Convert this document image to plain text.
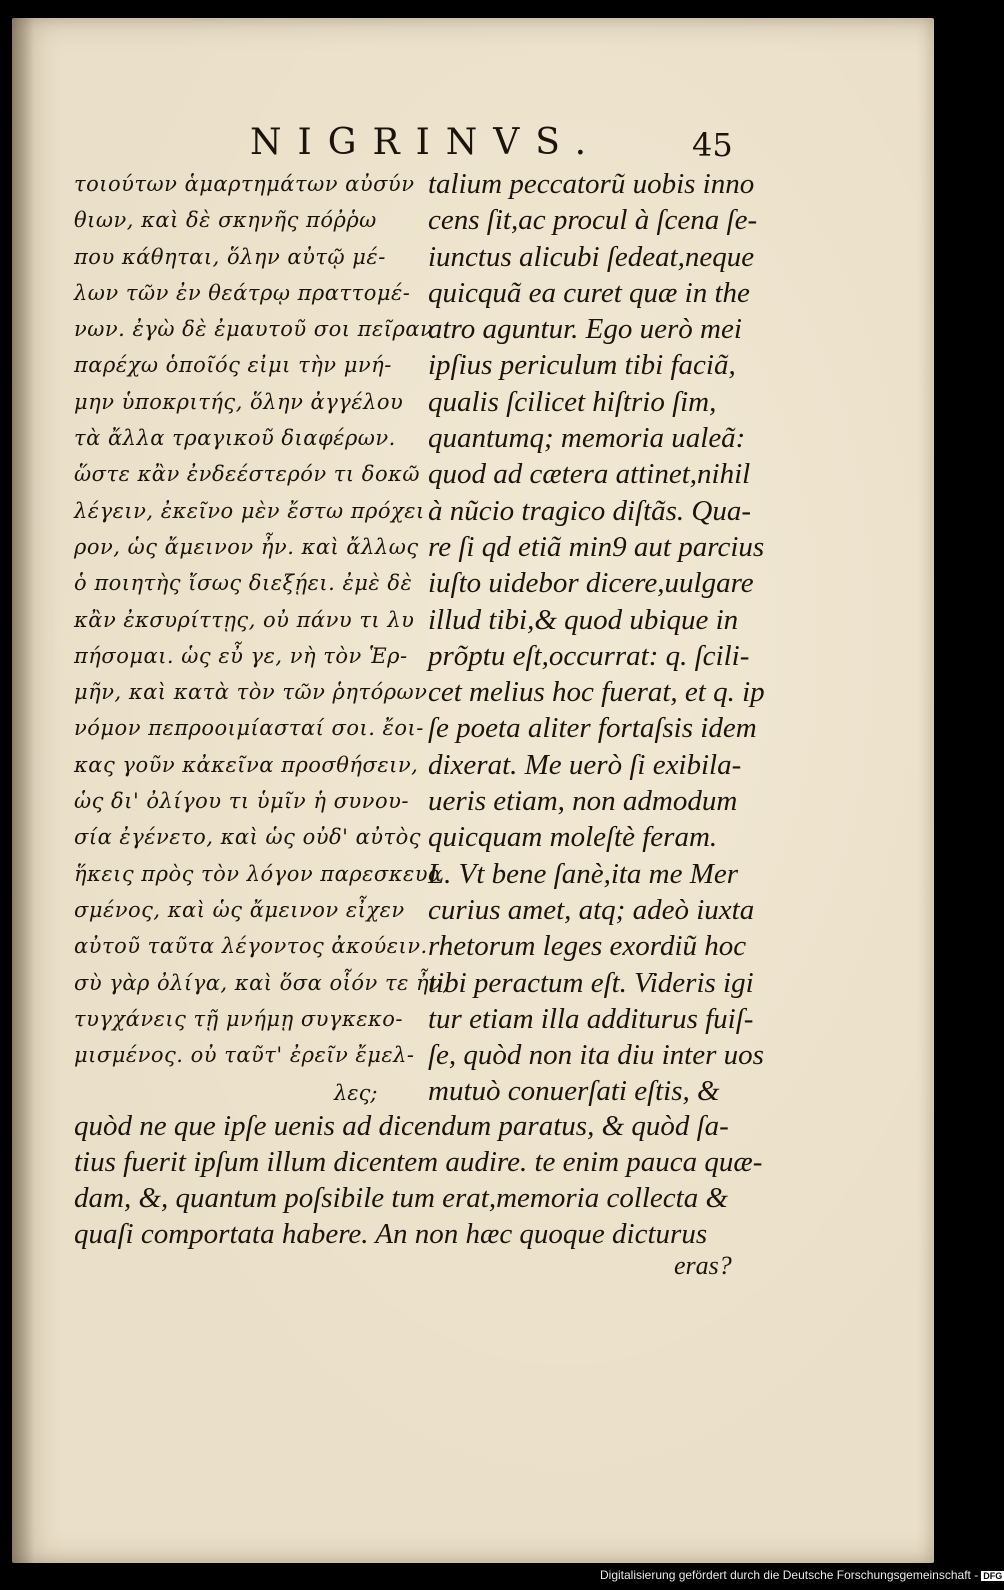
NIGRINVS.	45
τοιούτων ἁμαρτημάτων αὐσύν
θιων, καὶ δὲ σκηνῆς πόῤῥω
που κάθηται, ὅλην αὐτῷ μέ-
λων τῶν ἐν θεάτρῳ πραττομέ-
νων. ἐγὼ δὲ ἐμαυτοῦ σοι πεῖραν
παρέχω ὁποῖός εἰμι τὴν μνή-
μην ὑποκριτής, ὅλην ἀγγέλου
τὰ ἄλλα τραγικοῦ διαφέρων.
ὥστε κἂν ἐνδεέστερόν τι δοκῶ
λέγειν, ἐκεῖνο μὲν ἔστω πρόχει
ρον, ὡς ἄμεινον ἦν. καὶ ἄλλως
ὁ ποιητὴς ἴσως διεξῄει. ἐμὲ δὲ
κἂν ἐκσυρίττῃς, οὐ πάνυ τι λυ
πήσομαι. ὡς εὖ γε, νὴ τὸν Ἑρ-
μῆν, καὶ κατὰ τὸν τῶν ῥητόρων
νόμον πεπροοιμίασταί σοι. ἔοι-
κας γοῦν κἀκεῖνα προσθήσειν,
ὡς δι' ὀλίγου τι ὑμῖν ἡ συνου-
σία ἐγένετο, καὶ ὡς οὐδ' αὐτὸς
ἥκεις πρὸς τὸν λόγον παρεσκευα
σμένος, καὶ ὡς ἄμεινον εἶχεν
αὐτοῦ ταῦτα λέγοντος ἀκούειν.
σὺ γὰρ ὀλίγα, καὶ ὅσα οἷόν τε ἦν,
τυγχάνεις τῇ μνήμῃ συγκεκο-
μισμένος. οὐ ταῦτ' ἐρεῖν ἔμελ-
talium peccatorũ uobis inno
cens ſit,ac procul à ſcena ſe-
iunctus alicubi ſedeat,neque
quicquã ea curet quæ in the
atro aguntur. Ego uerò mei
ipſius periculum tibi faciã,
qualis ſcilicet hiſtrio ſim,
quantumq; memoria ualeã:
quod ad cætera attinet,nihil
à nũcio tragico diſtãs. Qua-
re ſi qd etiã min9 aut parcius
iuſto uidebor dicere,uulgare
illud tibi,& quod ubique in
prõptu eſt,occurrat: q. ſcili-
cet melius hoc fuerat, et q. ip
ſe poeta aliter fortaſsis idem
dixerat. Me uerò ſi exibila-
ueris etiam, non admodum
quicquam moleſtè feram.
L. Vt bene ſanè,ita me Mer
curius amet, atq; adeò iuxta
rhetorum leges exordiũ hoc
tibi peractum eſt. Videris igi
tur etiam illa additurus fuiſ-
ſe, quòd non ita diu inter uos
mutuò conuerſati eſtis, &
λες;
quòd ne que ipſe uenis ad dicendum paratus, & quòd ſa-
tius fuerit ipſum illum dicentem audire. te enim pauca quæ-
dam, &, quantum poſsibile tum erat,memoria collecta &
quaſi comportata habere. An non hæc quoque dicturus
eras?
Digitalisierung gefördert durch die Deutsche Forschungsgemeinschaft - DFG
